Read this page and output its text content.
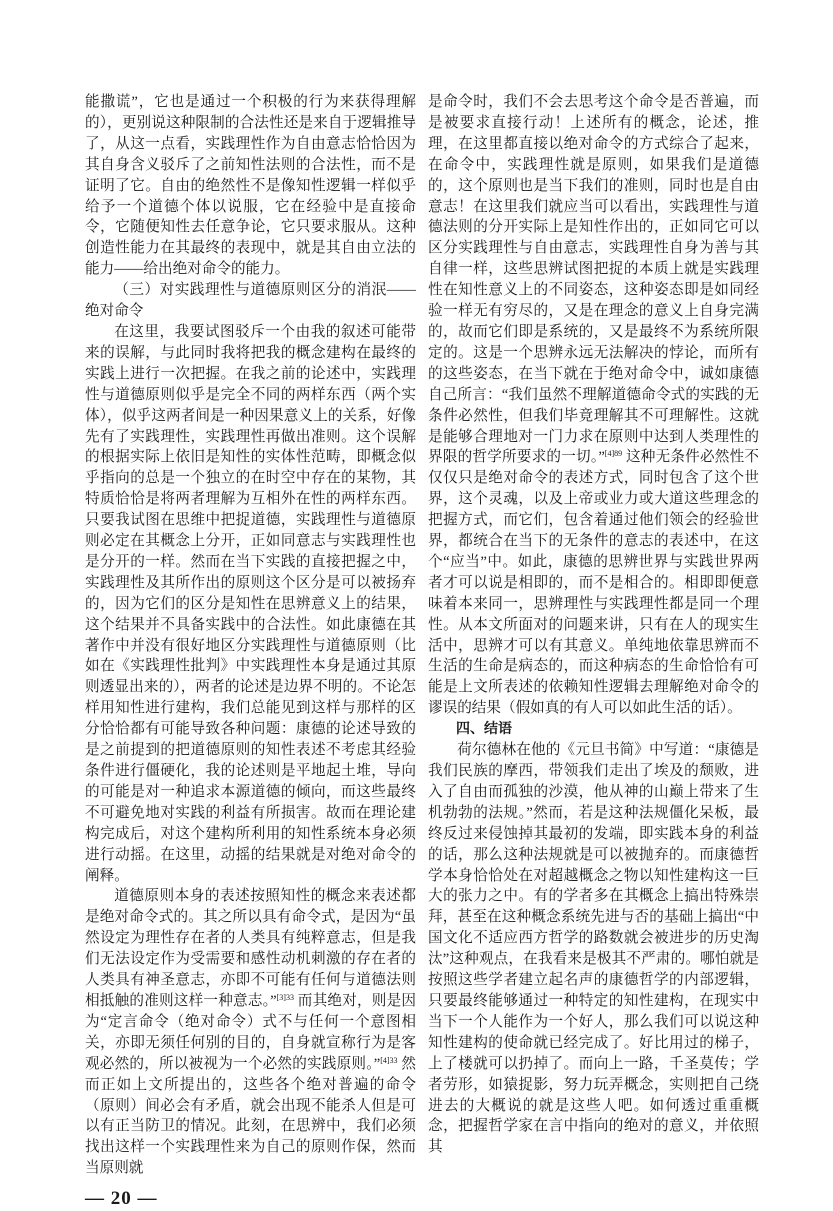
能撒谎”，它也是通过一个积极的行为来获得理解的），更别说这种限制的合法性还是来自于逻辑推导了，从这一点看，实践理性作为自由意志恰恰因为其自身含义驳斥了之前知性法则的合法性，而不是证明了它。自由的绝然性不是像知性逻辑一样似乎给予一个道德个体以说服，它在经验中是直接命令，它随便知性去任意争论，它只要求服从。这种创造性能力在其最终的表现中，就是其自由立法的能力——给出绝对命令的能力。

（三）对实践理性与道德原则区分的消泯——绝对命令

在这里，我要试图驳斥一个由我的叙述可能带来的误解，与此同时我将把我的概念建构在最终的实践上进行一次把握。在我之前的论述中，实践理性与道德原则似乎是完全不同的两样东西（两个实体），似乎这两者间是一种因果意义上的关系，好像先有了实践理性，实践理性再做出准则。这个误解的根据实际上依旧是知性的实体性范畴，即概念似乎指向的总是一个独立的在时空中存在的某物，其特质恰恰是将两者理解为互相外在性的两样东西。只要我试图在思维中把捉道德，实践理性与道德原则必定在其概念上分开，正如同意志与实践理性也是分开的一样。然而在当下实践的直接把握之中，实践理性及其所作出的原则这个区分是可以被扬弃的，因为它们的区分是知性在思辨意义上的结果，这个结果并不具备实践中的合法性。如此康德在其著作中并没有很好地区分实践理性与道德原则（比如在《实践理性批判》中实践理性本身是通过其原则透显出来的），两者的论述是边界不明的。不论怎样用知性进行建构，我们总能见到这样与那样的区分恰恰都有可能导致各种问题：康德的论述导致的是之前提到的把道德原则的知性表述不考虑其经验条件进行僵硬化，我的论述则是平地起土堆，导向的可能是对一种追求本源道德的倾向，而这些最终不可避免地对实践的利益有所损害。故而在理论建构完成后，对这个建构所利用的知性系统本身必须进行动摇。在这里，动摇的结果就是对绝对命令的阐释。

道德原则本身的表述按照知性的概念来表述都是绝对命令式的。其之所以具有命令式，是因为“虽然设定为理性存在者的人类具有纯粹意志，但是我们无法设定作为受需要和感性动机刺激的存在者的人类具有神圣意志，亦即不可能有任何与道德法则相抵触的准则这样一种意志。”$^{[3]33}$ 而其绝对，则是因为“定言命令（绝对命令）式不与任何一个意图相关，亦即无须任何别的目的，自身就宣称行为是客观必然的，所以被视为一个必然的实践原则。”$^{[4]33}$ 然而正如上文所提出的，这些各个绝对普遍的命令（原则）间必会有矛盾，就会出现不能杀人但是可以有正当防卫的情况。此刻，在思辨中，我们必须找出这样一个实践理性来为自己的原则作保，然而当原则就

— 20 —

是命令时，我们不会去思考这个命令是否普遍，而是被要求直接行动！上述所有的概念，论述，推理，在这里都直接以绝对命令的方式综合了起来，在命令中，实践理性就是原则，如果我们是道德的，这个原则也是当下我们的准则，同时也是自由意志！在这里我们就应当可以看出，实践理性与道德法则的分开实际上是知性作出的，正如同它可以区分实践理性与自由意志，实践理性自身为善与其自律一样，这些思辨试图把捉的本质上就是实践理性在知性意义上的不同姿态，这种姿态即是如同经验一样无有穷尽的，又是在理念的意义上自身完满的，故而它们即是系统的，又是最终不为系统所限定的。这是一个思辨永远无法解决的悖论，而所有的这些姿态，在当下就在于绝对命令中，诚如康德自己所言：“我们虽然不理解道德命令式的实践的无条件必然性，但我们毕竟理解其不可理解性。这就是能够合理地对一门力求在原则中达到人类理性的界限的哲学所要求的一切。”$^{[4]89}$ 这种无条件必然性不仅仅只是绝对命令的表述方式，同时包含了这个世界，这个灵魂，以及上帝或业力或大道这些理念的把握方式，而它们，包含着通过他们领会的经验世界，都统合在当下的无条件的意志的表述中，在这个“应当”中。如此，康德的思辨世界与实践世界两者才可以说是相即的，而不是相合的。相即即便意味着本来同一，思辨理性与实践理性都是同一个理性。从本文所面对的问题来讲，只有在人的现实生活中，思辨才可以有其意义。单纯地依靠思辨而不生活的生命是病态的，而这种病态的生命恰恰有可能是上文所表述的依赖知性逻辑去理解绝对命令的谬误的结果（假如真的有人可以如此生活的话）。

四、结语

荷尔德林在他的《元旦书简》中写道：“康德是我们民族的摩西，带领我们走出了埃及的颓败，进入了自由而孤独的沙漠，他从神的山巅上带来了生机勃勃的法规。”然而，若是这种法规僵化呆板，最终反过来侵蚀掉其最初的发端，即实践本身的利益的话，那么这种法规就是可以被抛弃的。而康德哲学本身恰恰处在对超越概念之物以知性建构这一巨大的张力之中。有的学者多在其概念上搞出特殊崇拜，甚至在这种概念系统先进与否的基础上搞出“中国文化不适应西方哲学的路数就会被进步的历史淘汰”这种观点，在我看来是极其不严肃的。哪怕就是按照这些学者建立起名声的康德哲学的内部逻辑，只要最终能够通过一种特定的知性建构，在现实中当下一个人能作为一个好人，那么我们可以说这种知性建构的使命就已经完成了。好比用过的梯子，上了楼就可以扔掉了。而向上一路，千圣莫传；学者劳形，如猿捉影，努力玩弄概念，实则把自己绕进去的大概说的就是这些人吧。如何透过重重概念，把握哲学家在言中指向的绝对的意义，并依照其
